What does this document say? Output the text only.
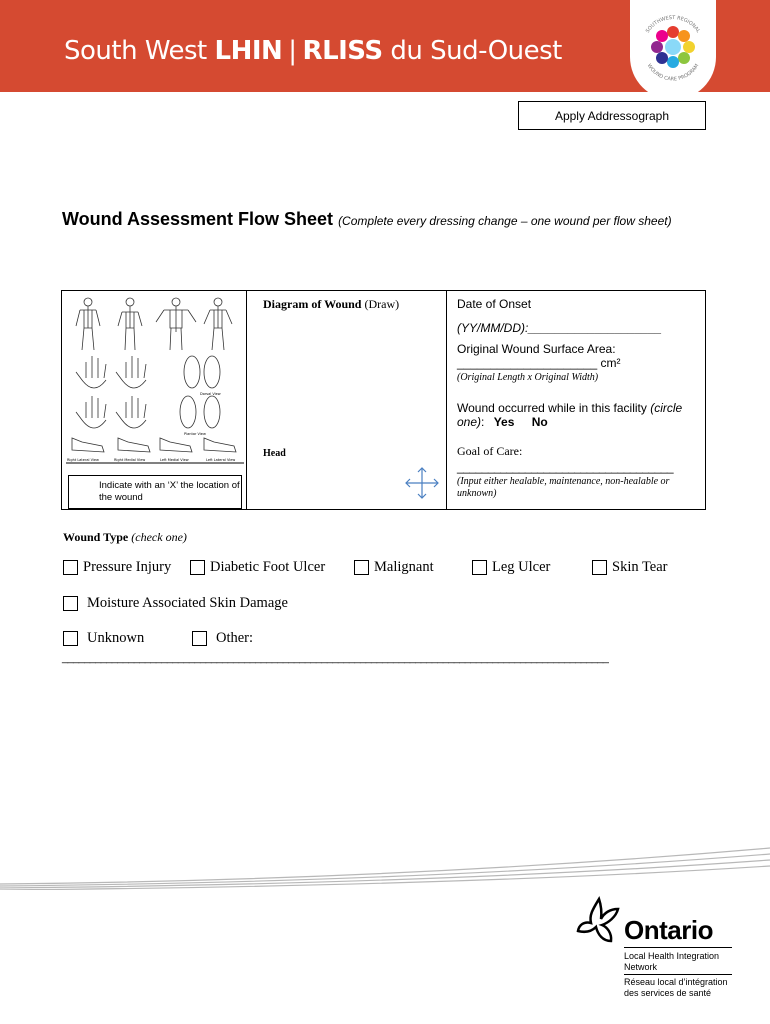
South West LHIN | RLISS du Sud-Ouest
SOUTHWEST REGIONAL
WOUND CARE PROGRAM
Apply Addressograph
Wound Assessment Flow Sheet (Complete every dressing change – one wound per flow sheet)
Dorsal View
Plantar View
Right Lateral View	Right Medial View	Left Medial View	Left Lateral View
Indicate with an ‘X’ the location of the wound
Diagram of Wound (Draw)
Head
Date of Onset
(YY/MM/DD):____________________
Original Wound Surface Area:
_____________________ cm²
(Original Length x Original Width)
Wound occurred while in this facility (circle one): Yes No
Goal of Care:
___________________________________
(Input either healable, maintenance, non-healable or unknown)
Wound Type (check one)
Pressure Injury	Diabetic Foot Ulcer	Malignant	Leg Ulcer	Skin Tear
Moisture Associated Skin Damage
Unknown	Other:
___________________________________________________________________________________________________
Ontario
Local Health Integration
Network
Réseau local d’intégration
des services de santé
